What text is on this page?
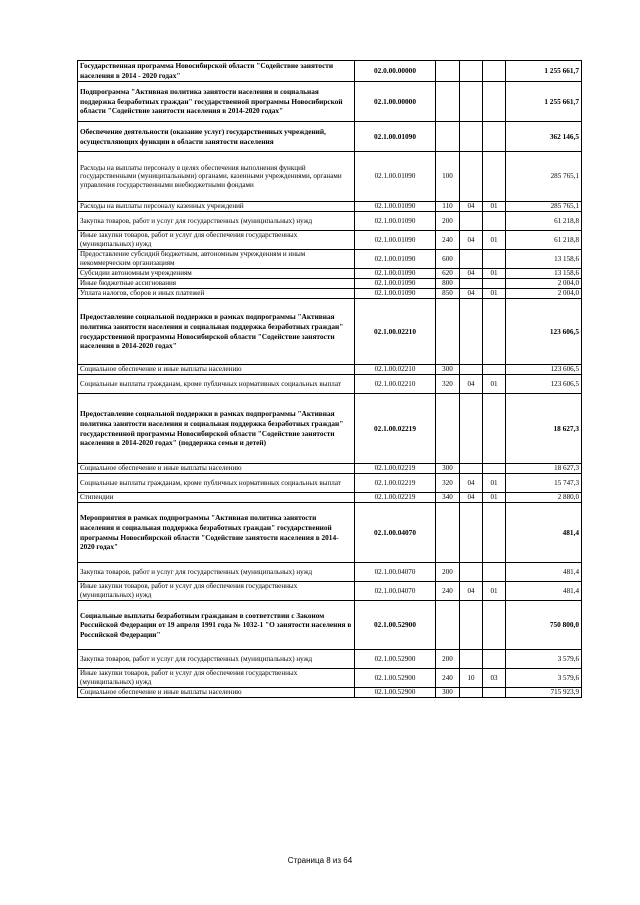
Государственная программа Новосибирской области "Содействие занятости населения в 2014 - 2020 годах"	02.0.00.00000				1 255 661,7
Подпрограмма "Активная политика занятости населения и социальная поддержка безработных граждан" государственной программы Новосибирской области "Содействие занятости населения в 2014-2020 годах"	02.1.00.00000				1 255 661,7
Обеспечение деятельности (оказание услуг) государственных учреждений, осуществляющих функции в области занятости населения	02.1.00.01090				362 146,5
Расходы на выплаты персоналу в целях обеспечения выполнения функций государственными (муниципальными) органами, казенными учреждениями, органами управления государственными внебюджетными фондами	02.1.00.01090	100			285 765,1
Расходы на выплаты персоналу казенных учреждений	02.1.00.01090	110	04	01	285 765,1
Закупка товаров, работ и услуг для государственных (муниципальных) нужд	02.1.00.01090	200			61 218,8
Иные закупки товаров, работ и услуг для обеспечения государственных (муниципальных) нужд	02.1.00.01090	240	04	01	61 218,8
Предоставление субсидий бюджетным, автономным учреждениям и иным некоммерческим организациям	02.1.00.01090	600			13 158,6
Субсидии автономным учреждениям	02.1.00.01090	620	04	01	13 158,6
Иные бюджетные ассигнования	02.1.00.01090	800			2 004,0
Уплата налогов, сборов и иных платежей	02.1.00.01090	850	04	01	2 004,0
Предоставление социальной поддержки в рамках подпрограммы "Активная политика занятости населения и социальная поддержка безработных граждан" государственной программы Новосибирской области "Содействие занятости населения в 2014-2020 годах"	02.1.00.02210				123 606,5
Социальное обеспечение и иные выплаты населению	02.1.00.02210	300			123 606,5
Социальные выплаты гражданам, кроме публичных нормативных социальных выплат	02.1.00.02210	320	04	01	123 606,5
Предоставление социальной поддержки в рамках подпрограммы "Активная политика занятости населения и социальная поддержка безработных граждан" государственной программы Новосибирской области "Содействие занятости населения в 2014-2020 годах" (поддержка семьи и детей)	02.1.00.02219				18 627,3
Социальное обеспечение и иные выплаты населению	02.1.00.02219	300			18 627,3
Социальные выплаты гражданам, кроме публичных нормативных социальных выплат	02.1.00.02219	320	04	01	15 747,3
Стипендии	02.1.00.02219	340	04	01	2 880,0
Мероприятия в рамках подпрограммы "Активная политика занятости населения и социальная поддержка безработных граждан" государственной программы Новосибирской области "Содействие занятости населения в 2014-2020 годах"	02.1.00.04070				481,4
Закупка товаров, работ и услуг для государственных (муниципальных) нужд	02.1.00.04070	200			481,4
Иные закупки товаров, работ и услуг для обеспечения государственных (муниципальных) нужд	02.1.00.04070	240	04	01	481,4
Социальные выплаты безработным гражданам в соответствии с Законом Российской Федерации от 19 апреля 1991 года № 1032-1 "О занятости населения в Российской Федерации"	02.1.00.52900				750 800,0
Закупка товаров, работ и услуг для государственных (муниципальных) нужд	02.1.00.52900	200			3 579,6
Иные закупки товаров, работ и услуг для обеспечения государственных (муниципальных) нужд	02.1.00.52900	240	10	03	3 579,6
Социальное обеспечение и иные выплаты населению	02.1.00.52900	300			715 923,9
Страница 8 из 64
